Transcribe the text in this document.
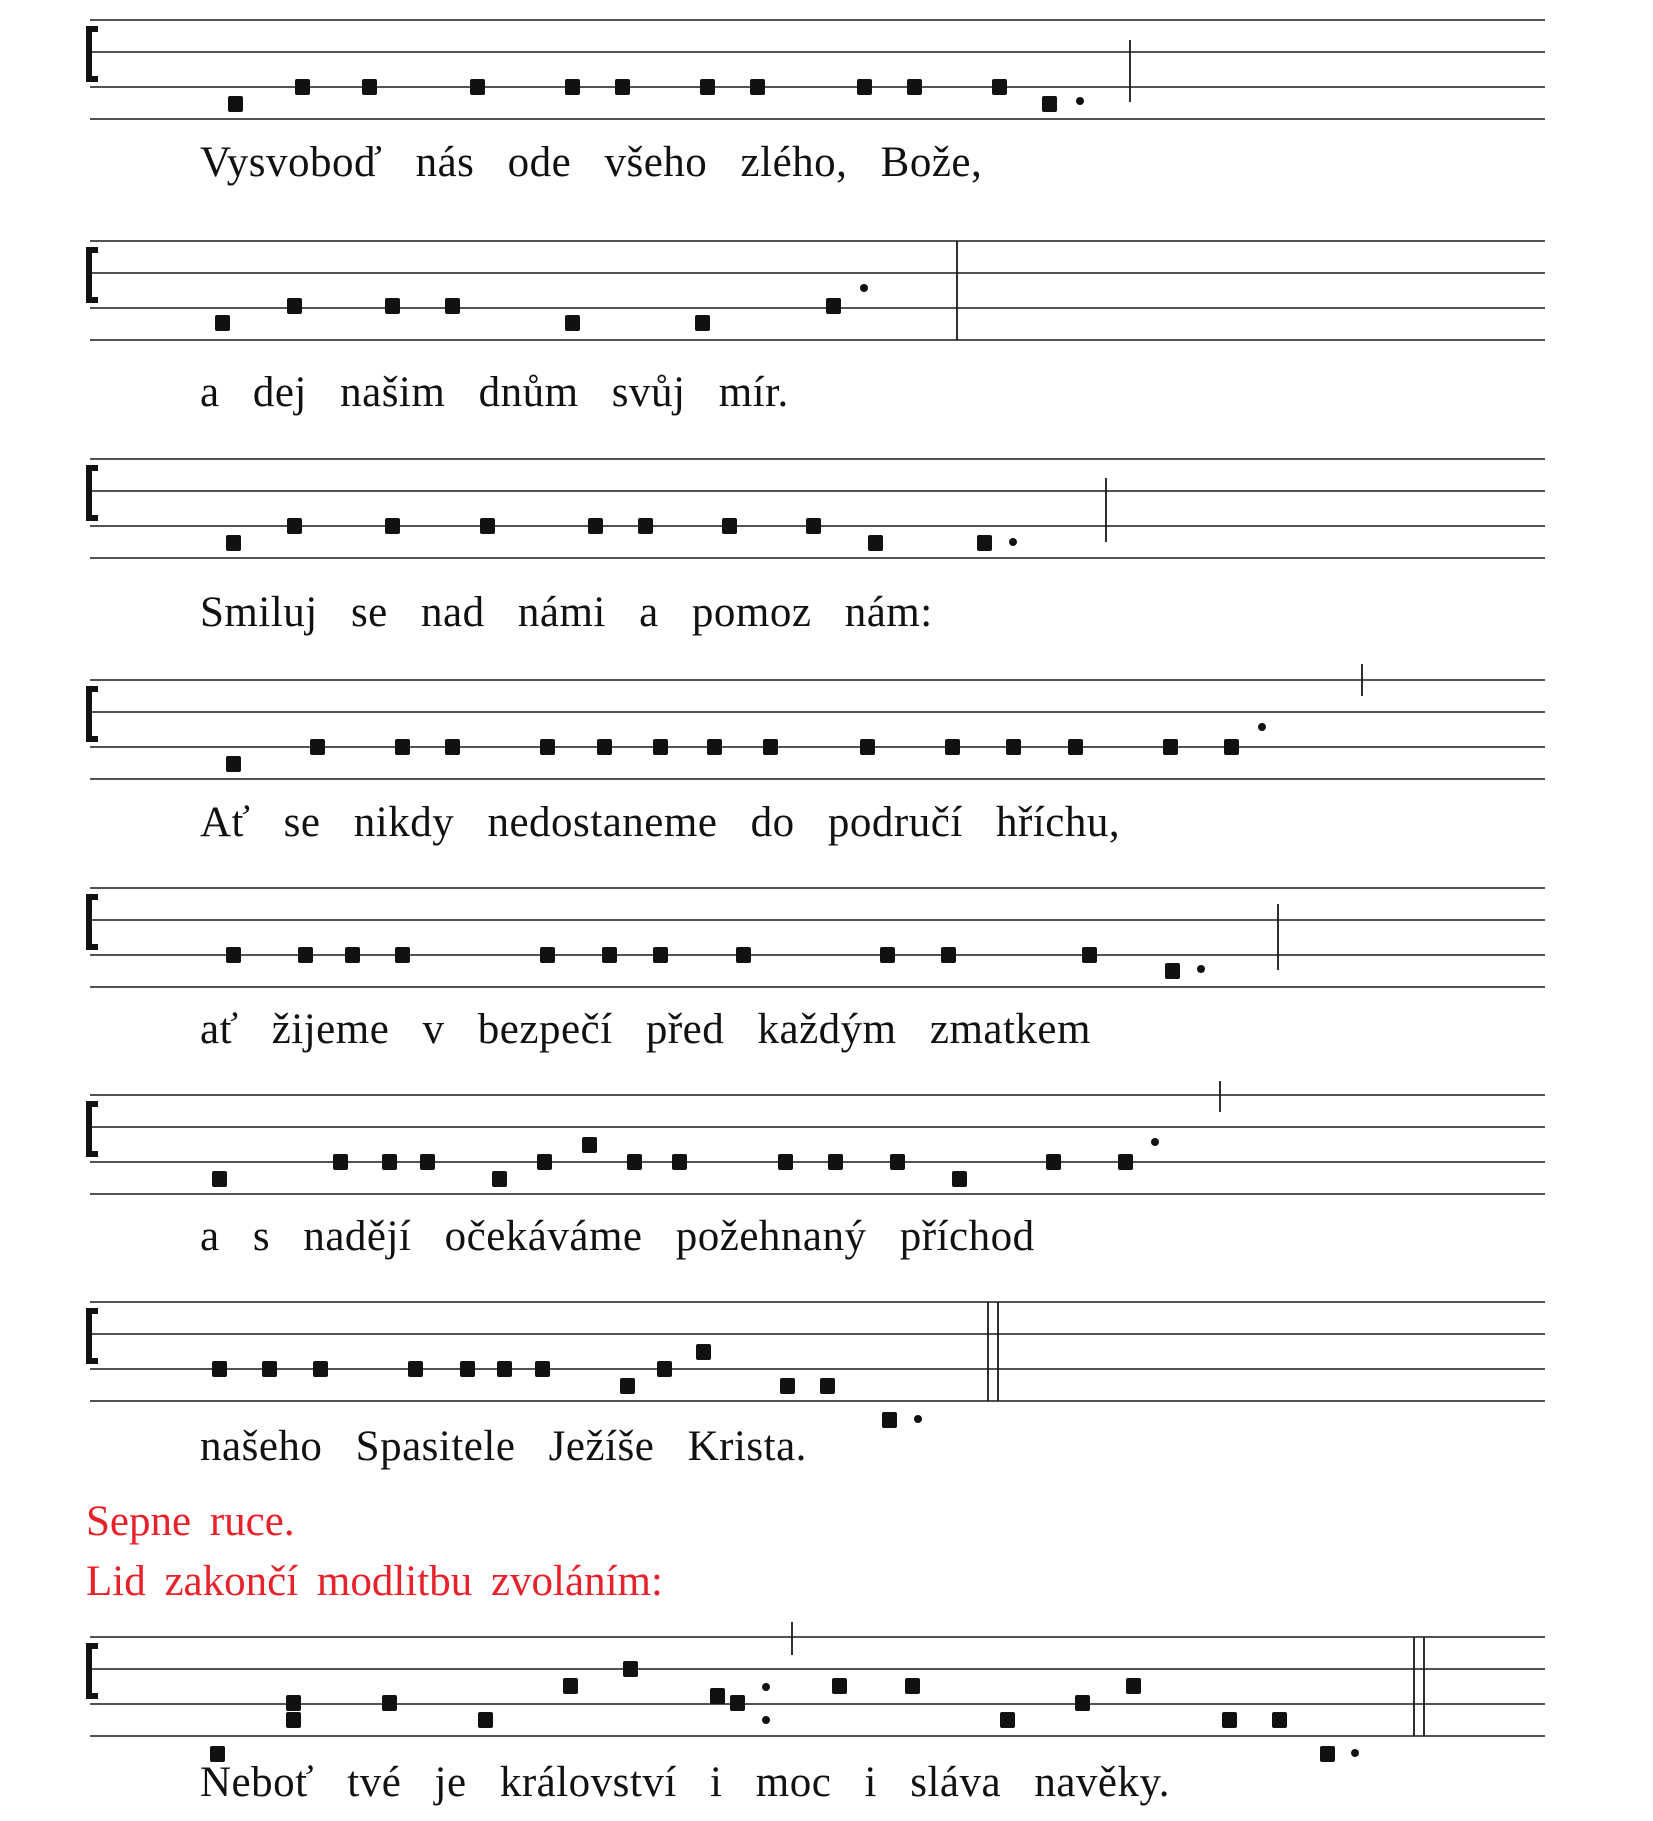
Vysvoboď nás ode všeho zlého, Bože,
a dej našim dnům svůj mír.
Smiluj se nad námi a pomoz nám:
Ať se nikdy nedostaneme do područí hříchu,
ať žijeme v bezpečí před každým zmatkem
a s nadějí očekáváme požehnaný příchod
našeho Spasitele Ježíše Krista.
Sepne ruce.
Lid zakončí modlitbu zvoláním:
Neboť tvé je království i moc i sláva navěky.
